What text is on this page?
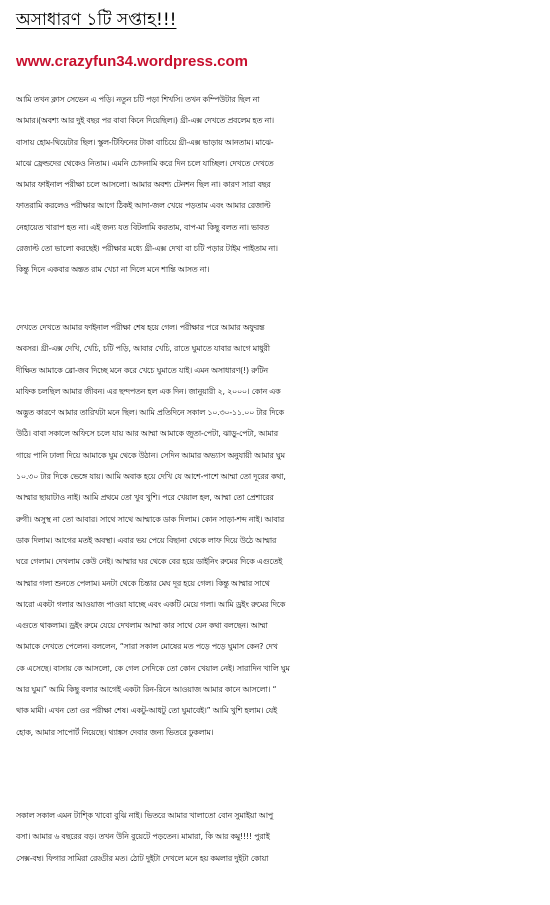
অসাধারণ ১টি সপ্তাহ!!!
www.crazyfun34.wordpress.com
আমি তখন ক্লাস সেভেন এ পড়ি। নতুন চটি পড়া শিখসি। তখন কম্পিউটার ছিল না
আমার।(অবশ্য আর দুই বছর পর বাবা কিনে দিয়েছিল।) থ্রী-এক্স দেখতে প্রবলেম হত না।
বাসায় হোম-থিয়েটার ছিল। স্কুল-টিফিনের টাকা বাচিয়ে থ্রী-এক্স ভাড়ায় আনতাম। মাঝে-
মাঝে ফ্রেন্ডদের থেকেও নিতাম। এমনি চোদনামি করে দিন চলে যাচ্ছিল। দেখতে দেখতে
আমার ফাইনাল পরীক্ষা চলে আসলো। আমার অবশ্য টেনশন ছিল না। কারণ সারা বছর
ফাতরামি করলেও পরীক্ষার আগে ঠিকই আদা-জল খেয়ে পড়তাম এবং আমার রেজাল্ট
নেহায়েত খারাপ হত না। এই জন্য যত বিটলামি করতাম, বাপ-মা কিছু বলত না। ভাবত
রেজাল্ট তো ভালো করছেই। পরীক্ষার মধ্যে থ্রী-এক্স দেখা বা চটি পড়ার টাইম পাইতাম না।
কিন্তু দিনে একবার অন্তত রাম খেচা না দিলে মনে শান্তি আসত না।
দেখতে দেখতে আমার ফাইনাল পরীক্ষা শেষ হয়ে গেল। পরীক্ষার পরে আমার অফুরন্ত
অবসর। থ্রী-এক্স দেখি, খেচি, চটি পড়ি, আবার খেচি, রাতে ঘুমাতে যাবার আগে মাধুরী
দীক্ষিত আমাকে ব্লো-জব দিচ্ছে মনে করে খেচে ঘুমাতে যাই। এমন অসাধারণ(!) রুটিন
মাফিক চলছিল আমার জীবন। এর ছন্দপতন হল এক দিন। জানুয়ারী ২, ২০০০। কোন এক
অদ্ভুত কারণে আমার তারিখটা মনে ছিল। আমি প্রতিদিনে সকাল ১০.৩০-১১.০০ টার দিকে
উঠি। বাবা সকালে অফিসে চলে যায় আর আম্মা আমাকে জুতা-পেটা, ঝাড়ু-পেটা, আমার
গায়ে পানি ঢালা দিয়ে আমাকে ঘুম থেকে উঠান। সেদিন আমার অভ্যাস অনুযায়ী আমার ঘুম
১০.৩০ টার দিকে ভেঙ্গে যায়। আমি অবাক হয়ে দেখি যে আশে-পাশে আম্মা তো দূরের কথা,
আম্মার ছায়াটাও নাই। আমি প্রথমে তো খুব খুশি। পরে খেয়াল হল, আম্মা তো প্রেশারের
রুগী। অসুস্থ না তো আবার। সাথে সাথে আম্মাকে ডাক দিলাম। কোন সাড়া-শব্দ নাই। আবার
ডাক দিলাম। আগের মতই অবস্থা। এবার ভয় পেয়ে বিছানা থেকে লাফ দিয়ে উঠে আম্মার
ঘরে গেলাম। দেখলাম কেউ নেই। আম্মার ঘর থেকে বের হয়ে ডাইনিং রুমের দিকে এগুতেই
আম্মার গলা শুনতে পেলাম। মনটা থেকে চিন্তার মেঘ দূর হয়ে গেল। কিন্তু আম্মার সাথে
আরো একটা গলার আওয়াজ পাওয়া যাচ্ছে এবং একটি মেয়ে গলা। আমি ড্রইং রুমের দিকে
এগুতে থাকলাম। ড্রইং রুমে যেয়ে দেখলাম আম্মা কার সাথে যেন কথা বলছেন। আম্মা
আমাকে দেখতে পেলেন। বললেন, “সারা সকাল মোষের মত পড়ে পড়ে ঘুমাস কেন? দেখ
কে এসেছে। বাসায় কে আসলো, কে গেল সেদিকে তো কোন খেয়াল নেই। সারাদিন খালি ঘুম
আর ঘুম।” আমি কিছু বলার আগেই একটা রিন-রিনে আওয়াজ আমার কানে আসলো। “
থাক মামী। এখন তো ওর পরীক্ষা শেষ। একটু-আধটু তো ঘুমাবেই।” আমি খুশি হলাম। যেই
হোক, আমার সাপোর্ট নিয়েছে। থ্যাঙ্কস দেবার জন্য ভিতরে ঢুকলাম।
সকাল সকাল এমন টাশ্কি খাবো বুঝি নাই। ভিতরে আমার খালাতো বোন সুমাইয়া আপু
বসা। আমার ৬ বছরের বড়। তখন উনি বুয়েটে পড়তেন। মামারা, কি আর কমু!!!! পুরাই
সেক্স-বম্ব। ফিগার সামিরা রেড্ডীর মত। ঠোট দুইটা দেখলে মনে হয় কমলার দুইটা কোয়া
